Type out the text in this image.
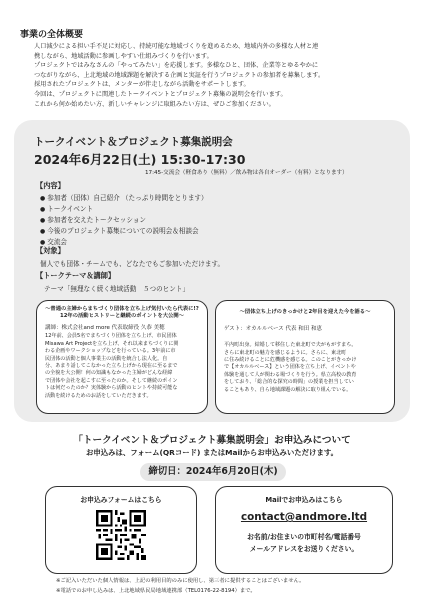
事業の全体概要
人口減少による担い手不足に対応し、持続可能な地域づくりを進めるため、地域内外の多様な人材と連
携しながら、地域活動に参画しやすい仕組みづくりを行います。
プロジェクトではみなさんの「やってみたい」を応援します。多様なひと、団体、企業等とゆるやかに
つながりながら、上北地域の地域課題を解決する企画と実証を行うプロジェクトの参加者を募集します。
採用されたプロジェクトは、メンターが伴走しながら活動をサポートします。
今回は、プロジェクトに関連したトークイベントとプロジェクト募集の説明会を行います。
これから何か始めたい方、新しいチャレンジに取組みたい方は、ぜひご参加ください。
トークイベント＆プロジェクト募集説明会
2024年6月22日(土) 15:30-17:30
17:45-交流会（軽食あり（無料）／飲み物は各自オーダー（有料）となります）
【内容】
● 参加者（団体）自己紹介 （たっぷり時間をとります）
● トークイベント
● 参加者を交えたトークセッション
● 今後のプロジェクト募集についての説明会＆相談会
● 交流会
【対象】
個人でも団体・チームでも、どなたでもご参加いただけます。
【トークテーマ＆講師】
テーマ「無理なく続く地域活動　５つのヒント」
～普通の主婦からまちづくり団体を立ち上げ気付いたら代表に!?
12年の活動ヒストリーと継続のポイントを大公開～
講師：株式会社and more 代表取締役 久恭 美穂
12年前、会員5名でまちづくり団体を立ち上げ、市民団体
Misawa Art Projectを立ち上げ、それ以来まちづくりに関
わる企画やワークショップなどを行っている。3年前に市
民団体の活動と個人事業主の活動を統合し法人化。自
分、あまり話してこなかった立ち上げから現在に至るまで
の全貌を大公開！何の知識もなかった主婦がどんな経緯
で団体や会社を起こすに至ったのか。そして継続のポイン
トは何だったのか？実体験から活動のヒントや持続可能な
活動を続けるためのお話をしていただきます。
～団体立ち上げのきっかけと2年目を迎えた今を語る～
ゲスト：オカルルベース 代表 和田 和恵
平内町出身。結婚して移住した東北町で夫がもがすまち。
さらに東北町の魅力を感じるように。さらに、東北町
に住み続けることに危機感を感じる。このことがきっかけ
で【オカルルベース】という団体を立ち上げ、イベントや
体験を通して人が関わる場づくりを行う。県立高校の教育
をしており、「総合的な探究の時間」の授業を担当してい
ることもあり、自ら地域課題の解決に取り組んでいる。
「トークイベント＆プロジェクト募集説明会」お申込みについて
お申込みは、フォーム(QRコード) またはMailからお申込みいただけます。
締切日：2024年6月20日(木)
お申込みフォームはこちら	Mailでお申込みはこちら
contact@andmore.ltd
お名前/お住まいの市町村名/電話番号
メールアドレスをお送りください。
※ご記入いただいた個人情報は、上記の利用目的のみに使用し、第三者に提供することはございません。
※電話でのお申し込みは、上北地域県民局地域連携部（TEL0176-22-8194）まで。
